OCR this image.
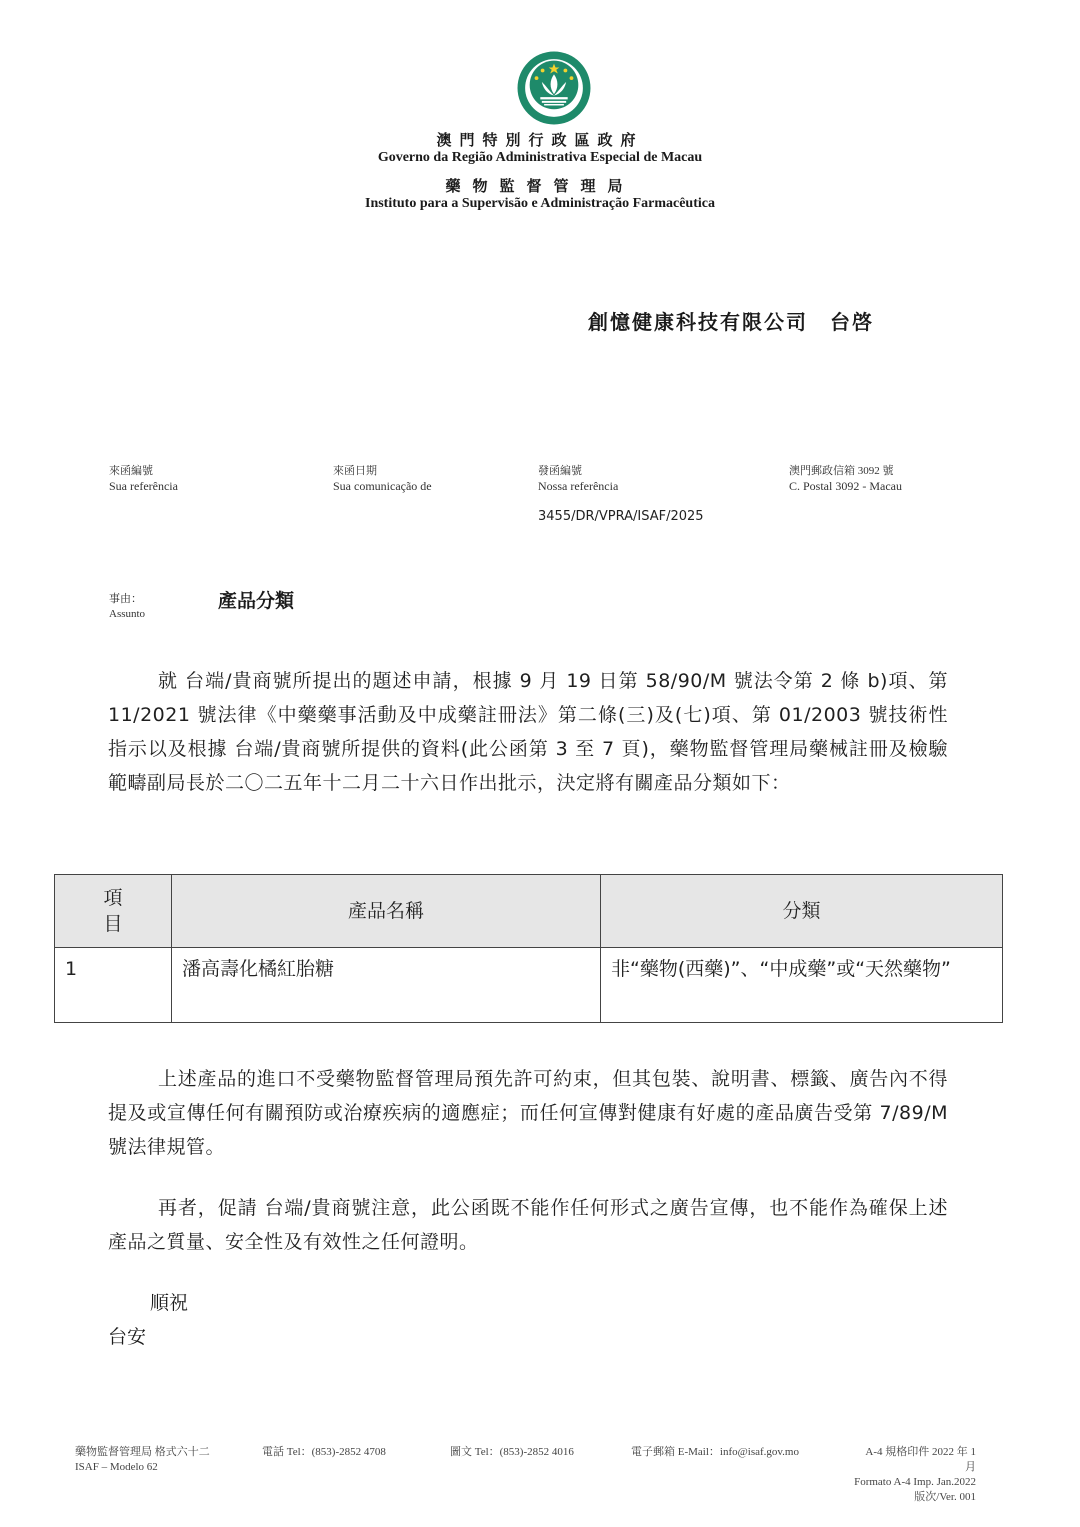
MACAU
澳門特別行政區政府
Governo da Região Administrativa Especial de Macau
藥物監督管理局
Instituto para a Supervisão e Administração Farmacêutica
創憶健康科技有限公司　台啓
來函編號
Sua referência
來函日期
Sua comunicação de
發函編號
Nossa referência
澳門郵政信箱 3092 號
C. Postal 3092 - Macau
3455/DR/VPRA/ISAF/2025
事由：
Assunto
產品分類
就 台端/貴商號所提出的題述申請，根據 9 月 19 日第 58/90/M 號法令第 2 條 b)項、第 11/2021 號法律《中藥藥事活動及中成藥註冊法》第二條(三)及(七)項、第 01/2003 號技術性指示以及根據 台端/貴商號所提供的資料(此公函第 3 至 7 頁)，藥物監督管理局藥械註冊及檢驗範疇副局長於二〇二五年十二月二十六日作出批示，決定將有關產品分類如下：
項
目	產品名稱	分類
1	潘高壽化橘紅胎糖	非“藥物(西藥)”、“中成藥”或“天然藥物”
上述產品的進口不受藥物監督管理局預先許可約束，但其包裝、說明書、標籤、廣告內不得提及或宣傳任何有關預防或治療疾病的適應症；而任何宣傳對健康有好處的產品廣告受第 7/89/M 號法律規管。
再者，促請 台端/貴商號注意，此公函既不能作任何形式之廣告宣傳，也不能作為確保上述產品之質量、安全性及有效性之任何證明。
順祝
台安
藥物監督管理局 格式六十二
ISAF – Modelo 62
電話 Tel：(853)-2852 4708	圖文 Tel：(853)-2852 4016	電子郵箱 E-Mail：info@isaf.gov.mo	A-4 規格印件 2022 年 1 月
Formato A-4 Imp. Jan.2022
版次/Ver. 001
